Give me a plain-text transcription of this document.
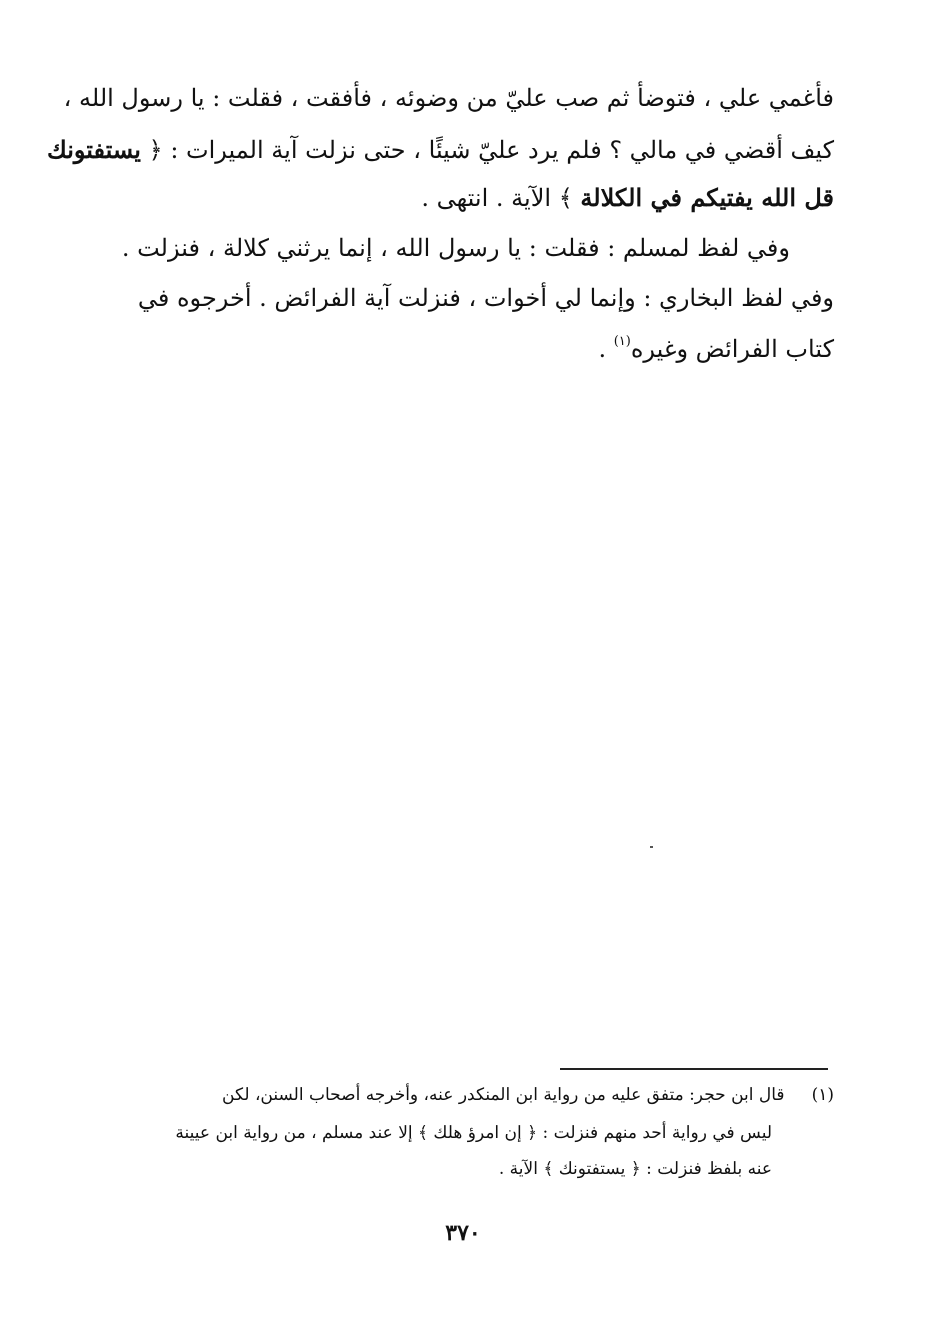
فأغمي علي ، فتوضأ ثم صب عليّ من وضوئه ، فأفقت ، فقلت : يا رسول الله ،
كيف أقضي في مالي ؟ فلم يرد عليّ شيئًا ، حتى نزلت آية الميرات : ﴿ يستفتونك
قل الله يفتيكم في الكلالة ﴾ الآية . انتهى .
وفي لفظ لمسلم : فقلت : يا رسول الله ، إنما يرثني كلالة ، فنزلت .
وفي لفظ البخاري : وإنما لي أخوات ، فنزلت آية الفرائض . أخرجوه في
كتاب الفرائض وغيره$^{(١)}$ .
(١)     قال ابن حجر: متفق عليه من رواية ابن المنكدر عنه، وأخرجه أصحاب السنن، لكن
ليس في رواية أحد منهم فنزلت : ﴿ إن امرؤ هلك ﴾ إلا عند مسلم ، من رواية ابن عيينة
عنه بلفظ فنزلت : ﴿ يستفتونك ﴾ الآية .
٣٧٠
